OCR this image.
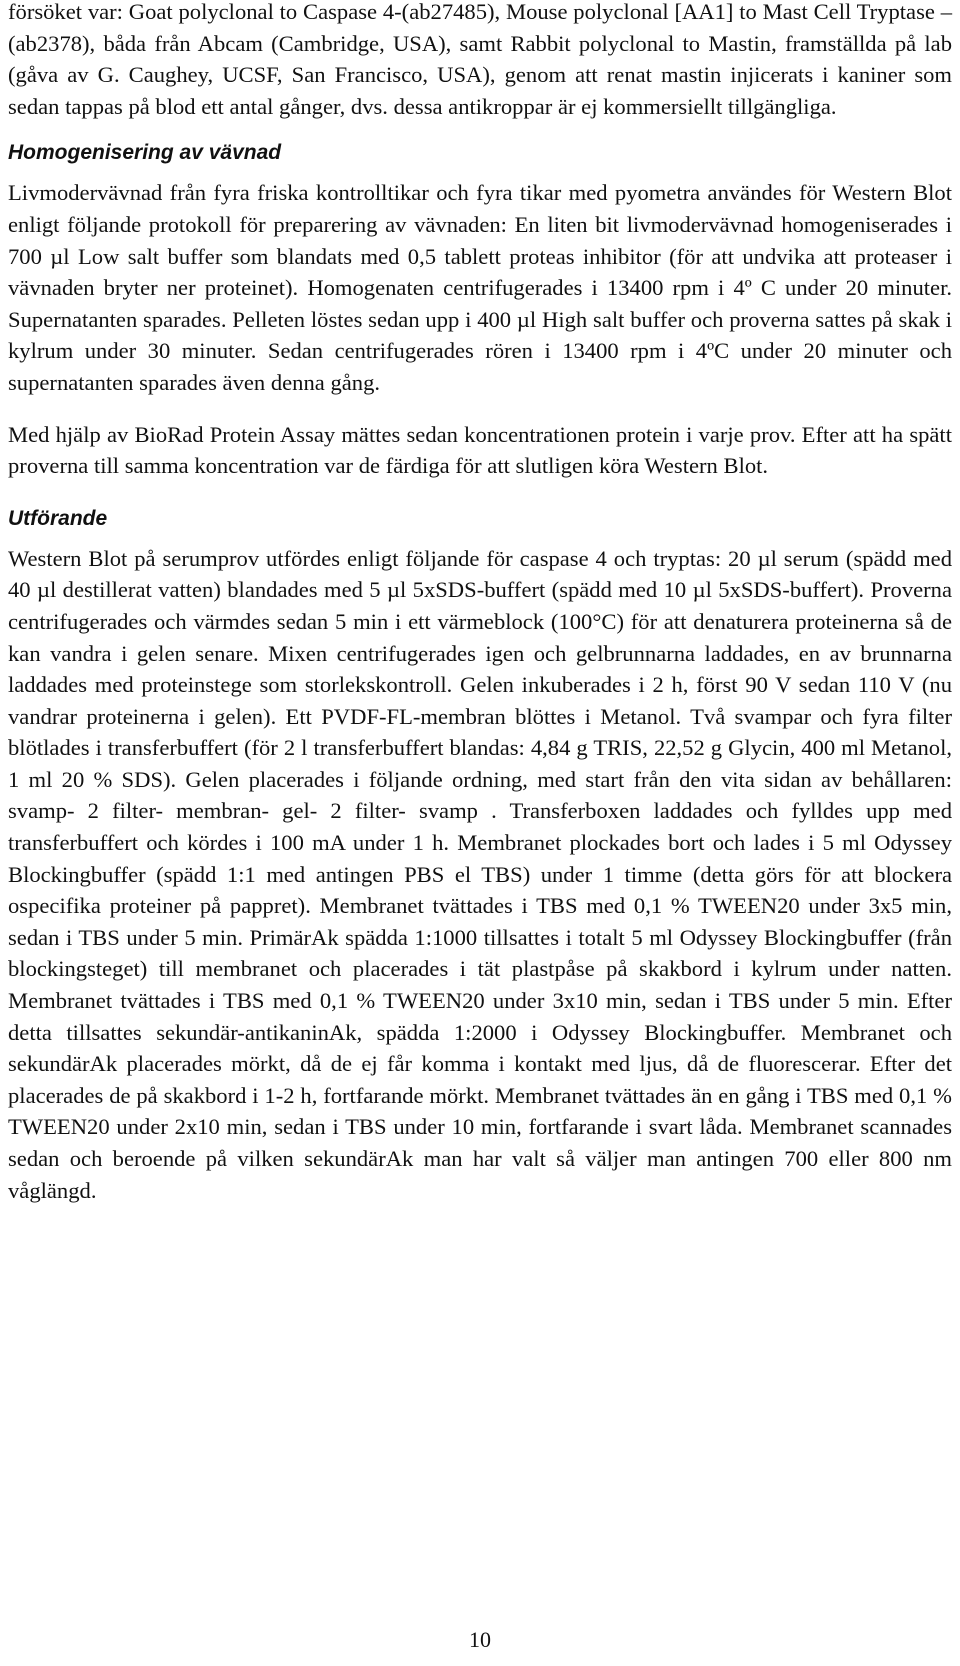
försöket var: Goat polyclonal to Caspase 4-(ab27485), Mouse polyclonal [AA1] to Mast Cell Tryptase –(ab2378), båda från Abcam (Cambridge, USA), samt Rabbit polyclonal to Mastin, framställda på lab (gåva av G. Caughey, UCSF, San Francisco, USA), genom att renat mastin injicerats i kaniner som sedan tappas på blod ett antal gånger, dvs. dessa antikroppar är ej kommersiellt tillgängliga.

Homogenisering av vävnad

Livmodervävnad från fyra friska kontrolltikar och fyra tikar med pyometra användes för Western Blot enligt följande protokoll för preparering av vävnaden: En liten bit livmodervävnad homogeniserades i 700 µl Low salt buffer som blandats med 0,5 tablett proteas inhibitor (för att undvika att proteaser i vävnaden bryter ner proteinet). Homogenaten centrifugerades i 13400 rpm i 4º C under 20 minuter. Supernatanten sparades. Pelleten löstes sedan upp i 400 µl High salt buffer och proverna sattes på skak i kylrum under 30 minuter. Sedan centrifugerades rören i 13400 rpm i 4ºC under 20 minuter och supernatanten sparades även denna gång.

Med hjälp av BioRad Protein Assay mättes sedan koncentrationen protein i varje prov. Efter att ha spätt proverna till samma koncentration var de färdiga för att slutligen köra Western Blot.

Utförande

Western Blot på serumprov utfördes enligt följande för caspase 4 och tryptas: 20 µl serum (spädd med 40 µl destillerat vatten) blandades med 5 µl 5xSDS-buffert (spädd med 10 µl 5xSDS-buffert). Proverna centrifugerades och värmdes sedan 5 min i ett värmeblock (100°C) för att denaturera proteinerna så de kan vandra i gelen senare. Mixen centrifugerades igen och gelbrunnarna laddades, en av brunnarna laddades med proteinstege som storlekskontroll. Gelen inkuberades i 2 h, först 90 V sedan 110 V (nu vandrar proteinerna i gelen). Ett PVDF-FL-membran blöttes i Metanol. Två svampar och fyra filter blötlades i transferbuffert (för 2 l transferbuffert blandas: 4,84 g TRIS, 22,52 g Glycin, 400 ml Metanol, 1 ml 20 % SDS). Gelen placerades i följande ordning, med start från den vita sidan av behållaren: svamp- 2 filter- membran- gel- 2 filter- svamp . Transferboxen laddades och fylldes upp med transferbuffert och kördes i 100 mA under 1 h. Membranet plockades bort och lades i 5 ml Odyssey Blockingbuffer (spädd 1:1 med antingen PBS el TBS) under 1 timme (detta görs för att blockera ospecifika proteiner på pappret). Membranet tvättades i TBS med 0,1 % TWEEN20 under 3x5 min, sedan i TBS under 5 min. PrimärAk spädda 1:1000 tillsattes i totalt 5 ml Odyssey Blockingbuffer (från blockingsteget) till membranet och placerades i tät plastpåse på skakbord i kylrum under natten. Membranet tvättades i TBS med 0,1 % TWEEN20 under 3x10 min, sedan i TBS under 5 min. Efter detta tillsattes sekundär-antikaninAk, spädda 1:2000 i Odyssey Blockingbuffer. Membranet och sekundärAk placerades mörkt, då de ej får komma i kontakt med ljus, då de fluorescerar. Efter det placerades de på skakbord i 1-2 h, fortfarande mörkt. Membranet tvättades än en gång i TBS med 0,1 % TWEEN20 under 2x10 min, sedan i TBS under 10 min, fortfarande i svart låda. Membranet scannades sedan och beroende på vilken sekundärAk man har valt så väljer man antingen 700 eller 800 nm våglängd.

10
